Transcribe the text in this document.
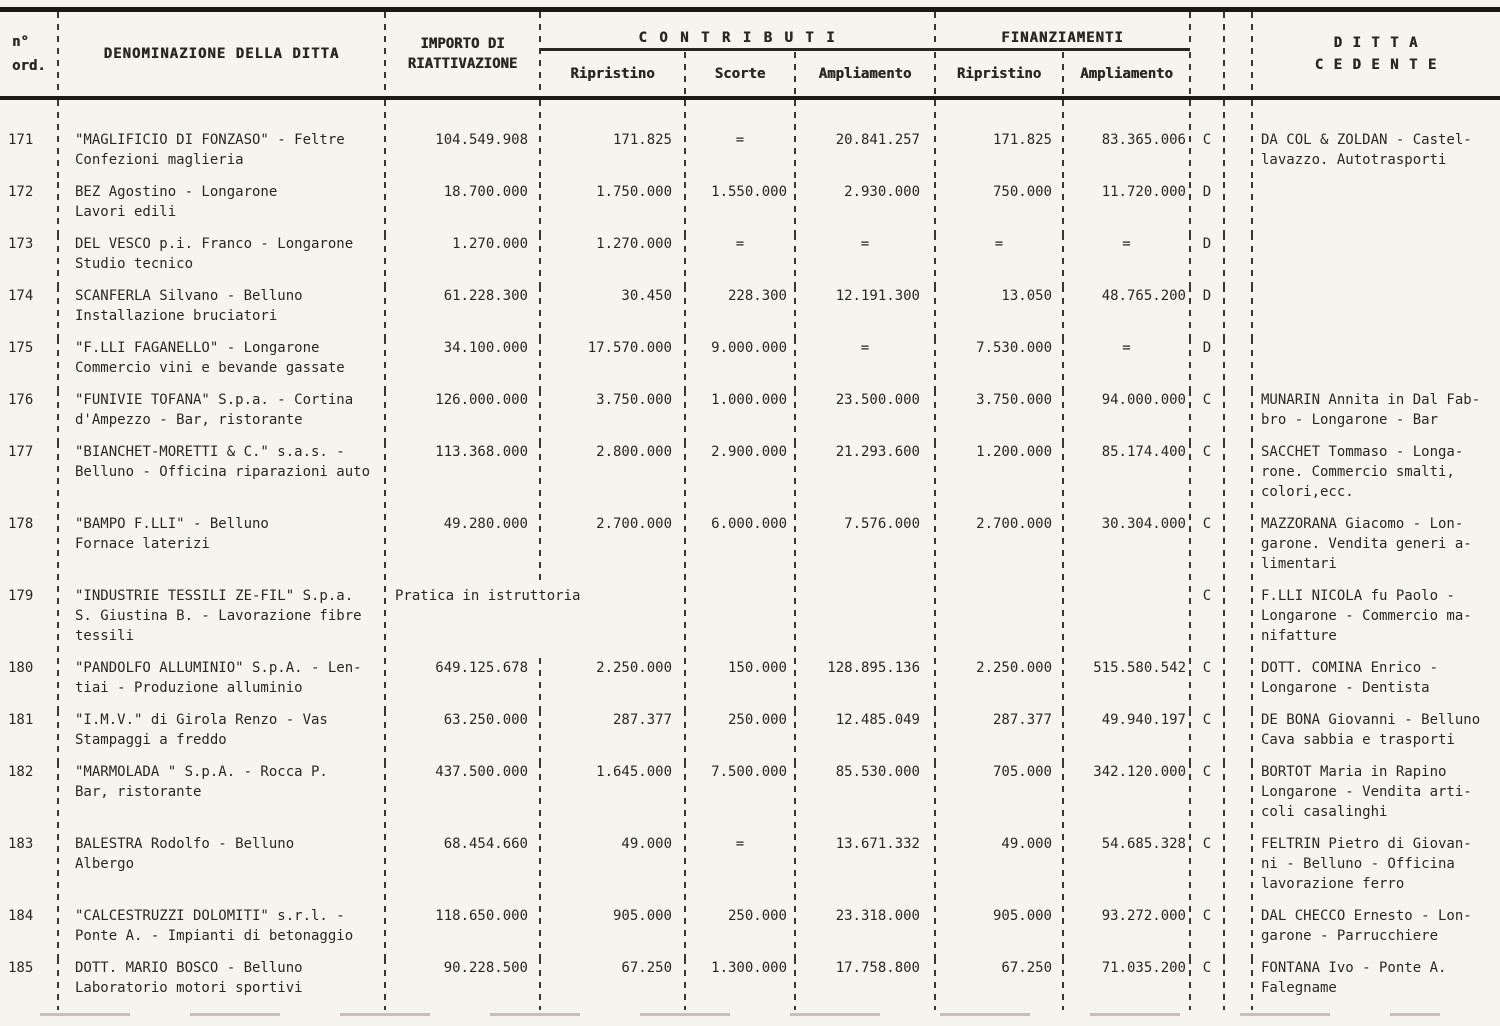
n°
ord.
DENOMINAZIONE DELLA DITTA
IMPORTO DI
RIATTIVAZIONE
C O N T R I B U T I
Ripristino	Scorte	Ampliamento
FINANZIAMENTI
Ripristino	Ampliamento
D I T T A
C E D E N T E
171	"MAGLIFICIO DI FONZASO" - Feltre
Confezioni maglieria
104.549.908	171.825	=	20.841.257	171.825	83.365.006	C	DA COL & ZOLDAN - Castel-
lavazzo. Autotrasporti
172	BEZ Agostino - Longarone
Lavori edili
18.700.000	1.750.000	1.550.000	2.930.000	750.000	11.720.000	D
173	DEL VESCO p.i. Franco - Longarone
Studio tecnico
1.270.000	1.270.000	=	=	=	=	D
174	SCANFERLA Silvano - Belluno
Installazione bruciatori
61.228.300	30.450	228.300	12.191.300	13.050	48.765.200	D
175	"F.LLI FAGANELLO" - Longarone
Commercio vini e bevande gassate
34.100.000	17.570.000	9.000.000	=	7.530.000	=	D
176	"FUNIVIE TOFANA" S.p.a. - Cortina
d'Ampezzo - Bar, ristorante
126.000.000	3.750.000	1.000.000	23.500.000	3.750.000	94.000.000	C	MUNARIN Annita in Dal Fab-
bro - Longarone - Bar
177	"BIANCHET-MORETTI & C." s.a.s. -
Belluno - Officina riparazioni auto
113.368.000	2.800.000	2.900.000	21.293.600	1.200.000	85.174.400	C	SACCHET Tommaso - Longa-
rone. Commercio smalti,
colori,ecc.
178	"BAMPO F.LLI" - Belluno
Fornace laterizi
49.280.000	2.700.000	6.000.000	7.576.000	2.700.000	30.304.000	C	MAZZORANA Giacomo - Lon-
garone. Vendita generi a-
limentari
179	"INDUSTRIE TESSILI ZE-FIL" S.p.a.
S. Giustina B. - Lavorazione fibre
tessili
Pratica in istruttoria	C	F.LLI NICOLA fu Paolo -
Longarone - Commercio ma-
nifatture
180	"PANDOLFO ALLUMINIO" S.p.A. - Len-
tiai - Produzione alluminio
649.125.678	2.250.000	150.000	128.895.136	2.250.000	515.580.542	C	DOTT. COMINA Enrico -
Longarone - Dentista
181	"I.M.V." di Girola Renzo - Vas
Stampaggi a freddo
63.250.000	287.377	250.000	12.485.049	287.377	49.940.197	C	DE BONA Giovanni - Belluno
Cava sabbia e trasporti
182	"MARMOLADA " S.p.A. - Rocca P.
Bar, ristorante
437.500.000	1.645.000	7.500.000	85.530.000	705.000	342.120.000	C	BORTOT Maria in Rapino
Longarone - Vendita arti-
coli casalinghi
183	BALESTRA Rodolfo - Belluno
Albergo
68.454.660	49.000	=	13.671.332	49.000	54.685.328	C	FELTRIN Pietro di Giovan-
ni - Belluno - Officina
lavorazione ferro
184	"CALCESTRUZZI DOLOMITI" s.r.l. -
Ponte A. - Impianti di betonaggio
118.650.000	905.000	250.000	23.318.000	905.000	93.272.000	C	DAL CHECCO Ernesto - Lon-
garone - Parrucchiere
185	DOTT. MARIO BOSCO - Belluno
Laboratorio motori sportivi
90.228.500	67.250	1.300.000	17.758.800	67.250	71.035.200	C	FONTANA Ivo - Ponte A.
Falegname
